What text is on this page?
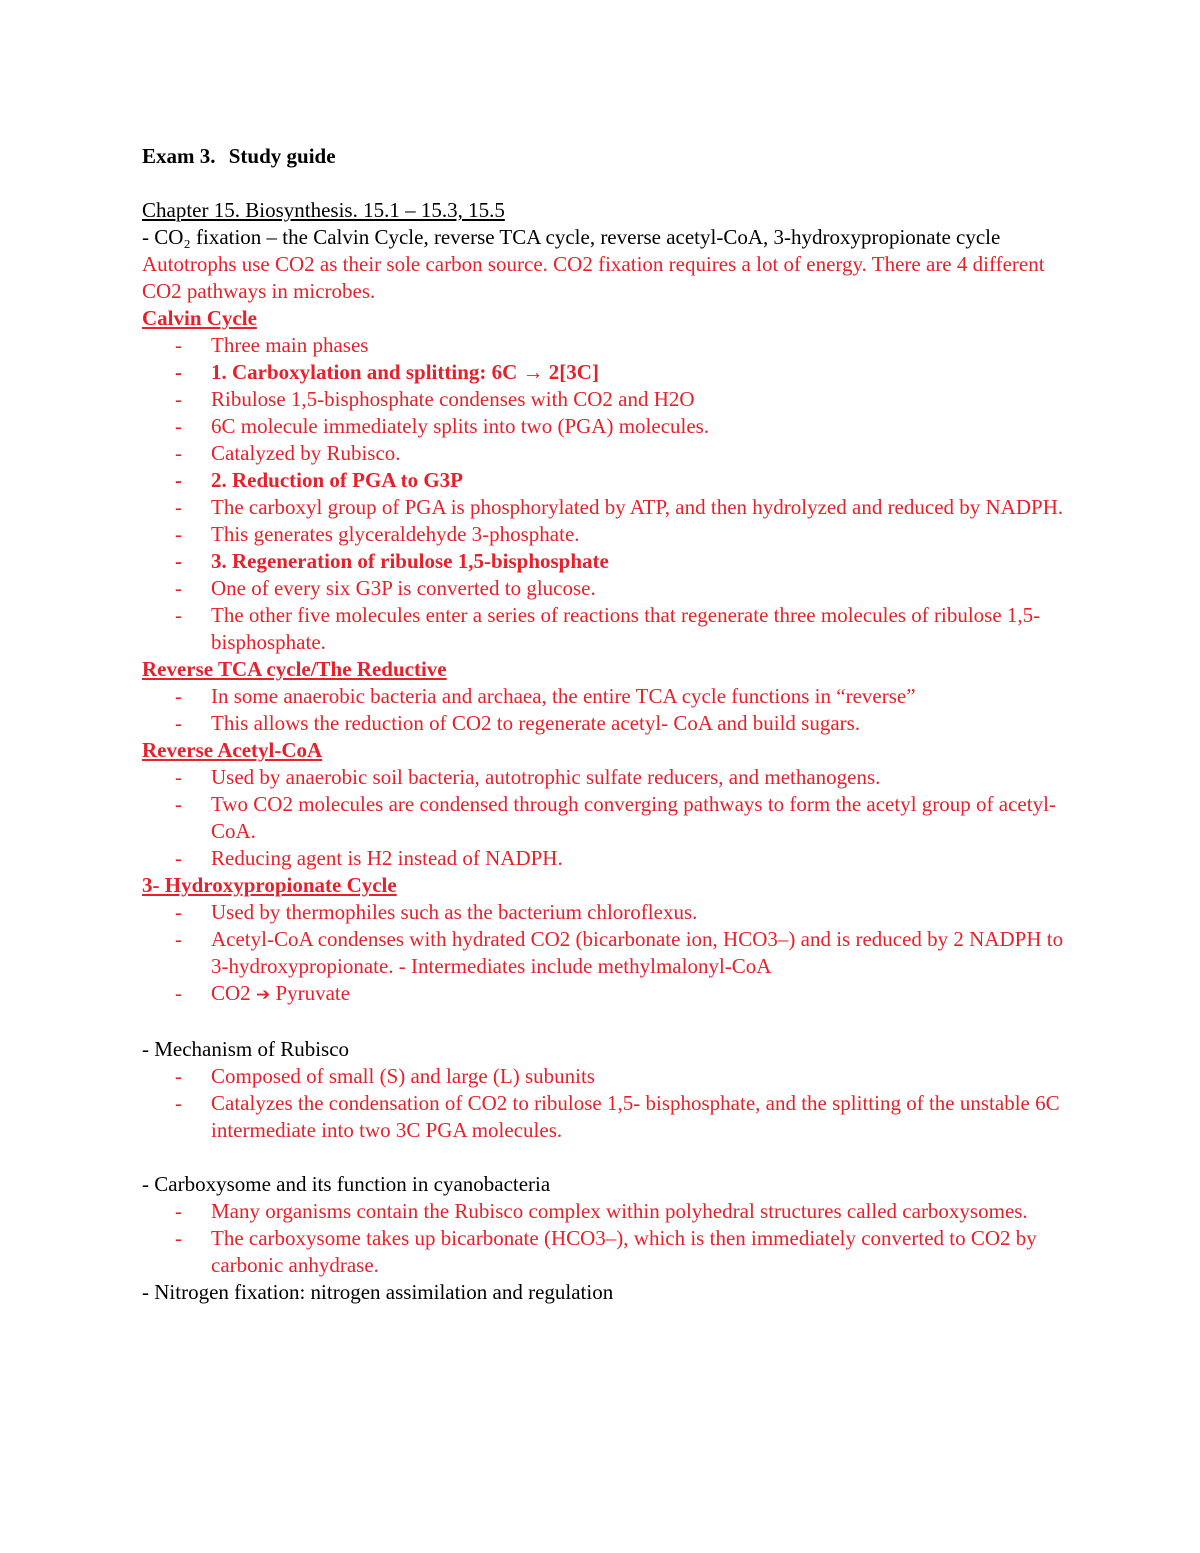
Exam 3. Study guide
Chapter 15. Biosynthesis. 15.1 – 15.3, 15.5
- CO₂ fixation – the Calvin Cycle, reverse TCA cycle, reverse acetyl-CoA, 3-hydroxypropionate cycle
Autotrophs use CO2 as their sole carbon source. CO2 fixation requires a lot of energy. There are 4 different CO2 pathways in microbes.
Calvin Cycle
- Three main phases
- 1. Carboxylation and splitting: 6C → 2[3C]
- Ribulose 1,5-bisphosphate condenses with CO2 and H2O
- 6C molecule immediately splits into two (PGA) molecules.
- Catalyzed by Rubisco.
- 2. Reduction of PGA to G3P
- The carboxyl group of PGA is phosphorylated by ATP, and then hydrolyzed and reduced by NADPH.
- This generates glyceraldehyde 3-phosphate.
- 3. Regeneration of ribulose 1,5-bisphosphate
- One of every six G3P is converted to glucose.
- The other five molecules enter a series of reactions that regenerate three molecules of ribulose 1,5-bisphosphate.
Reverse TCA cycle/The Reductive
- In some anaerobic bacteria and archaea, the entire TCA cycle functions in “reverse”
- This allows the reduction of CO2 to regenerate acetyl- CoA and build sugars.
Reverse Acetyl-CoA
- Used by anaerobic soil bacteria, autotrophic sulfate reducers, and methanogens.
- Two CO2 molecules are condensed through converging pathways to form the acetyl group of acetyl-CoA.
- Reducing agent is H2 instead of NADPH.
3- Hydroxypropionate Cycle
- Used by thermophiles such as the bacterium chloroflexus.
- Acetyl-CoA condenses with hydrated CO2 (bicarbonate ion, HCO3–) and is reduced by 2 NADPH to 3-hydroxypropionate. - Intermediates include methylmalonyl-CoA
- CO2 ➔ Pyruvate
- Mechanism of Rubisco
- Composed of small (S) and large (L) subunits
- Catalyzes the condensation of CO2 to ribulose 1,5- bisphosphate, and the splitting of the unstable 6C intermediate into two 3C PGA molecules.
- Carboxysome and its function in cyanobacteria
- Many organisms contain the Rubisco complex within polyhedral structures called carboxysomes.
- The carboxysome takes up bicarbonate (HCO3–), which is then immediately converted to CO2 by carbonic anhydrase.
- Nitrogen fixation: nitrogen assimilation and regulation
